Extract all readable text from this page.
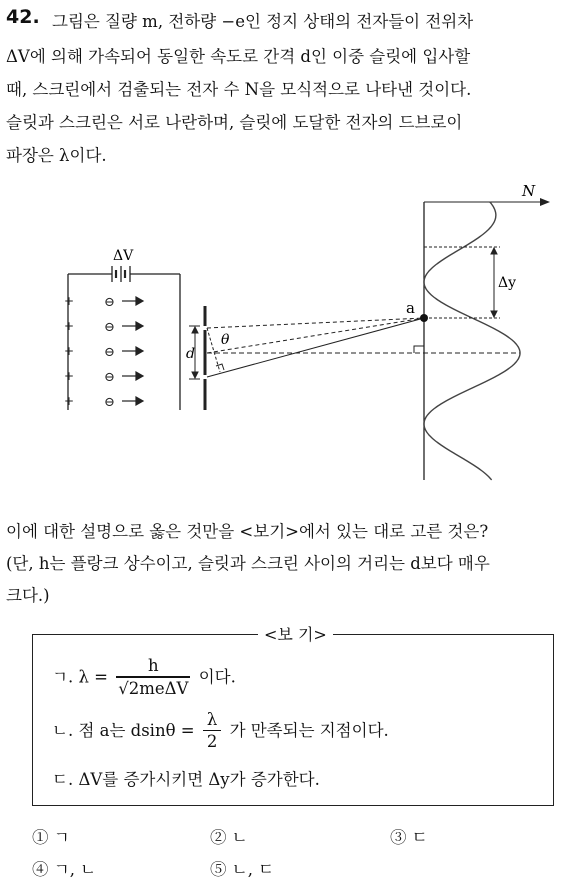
42. 그림은 질량 m, 전하량 −e인 정지 상태의 전자들이 전위차
ΔV에 의해 가속되어 동일한 속도로 간격 d인 이중 슬릿에 입사할
때, 스크린에서 검출되는 전자 수 N을 모식적으로 나타낸 것이다.
슬릿과 스크린은 서로 나란하며, 슬릿에 도달한 전자의 드브로이
파장은 λ이다.
ΔV
+
+
+
+
+
⊖
⊖
⊖
⊖
⊖
d
θ
N
Δy
a
이에 대한 설명으로 옳은 것만을 <보기>에서 있는 대로 고른 것은?
(단, h는 플랑크 상수이고, 슬릿과 스크린 사이의 거리는 d보다 매우
크다.)
<보 기>
ㄱ. $\lambda = \frac{h}{\text{√2meΔV}}$ 이다.
ㄴ. 점 a는 $dsin\theta = \frac{\lambda}{2}$ 가 만족되는 지점이다.
ㄷ. ΔV를 증가시키면 Δy가 증가한다.
① ㄱ	② ㄴ	③ ㄷ
④ ㄱ, ㄴ	⑤ ㄴ, ㄷ
